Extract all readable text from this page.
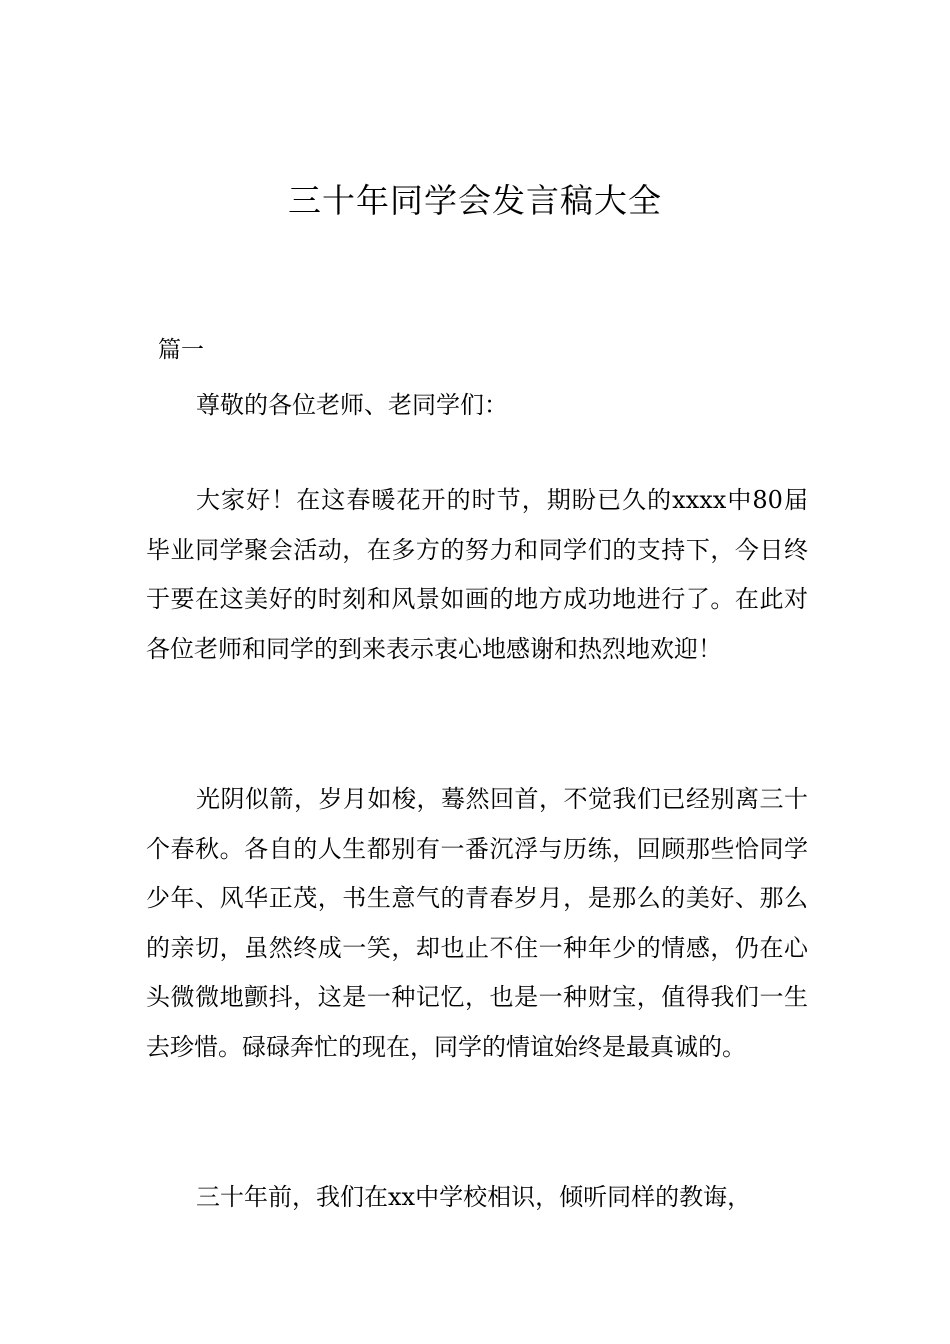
三十年同学会发言稿大全

篇一

尊敬的各位老师、老同学们：

大家好！在这春暖花开的时节，期盼已久的xxxx中80届毕业同学聚会活动，在多方的努力和同学们的支持下，今日终于要在这美好的时刻和风景如画的地方成功地进行了。在此对各位老师和同学的到来表示衷心地感谢和热烈地欢迎！

光阴似箭，岁月如梭，蓦然回首，不觉我们已经别离三十个春秋。各自的人生都别有一番沉浮与历练，回顾那些恰同学少年、风华正茂，书生意气的青春岁月，是那么的美好、那么的亲切，虽然终成一笑，却也止不住一种年少的情感，仍在心头微微地颤抖，这是一种记忆，也是一种财宝，值得我们一生去珍惜。碌碌奔忙的现在，同学的情谊始终是最真诚的。

三十年前，我们在xx中学校相识，倾听同样的教诲，
